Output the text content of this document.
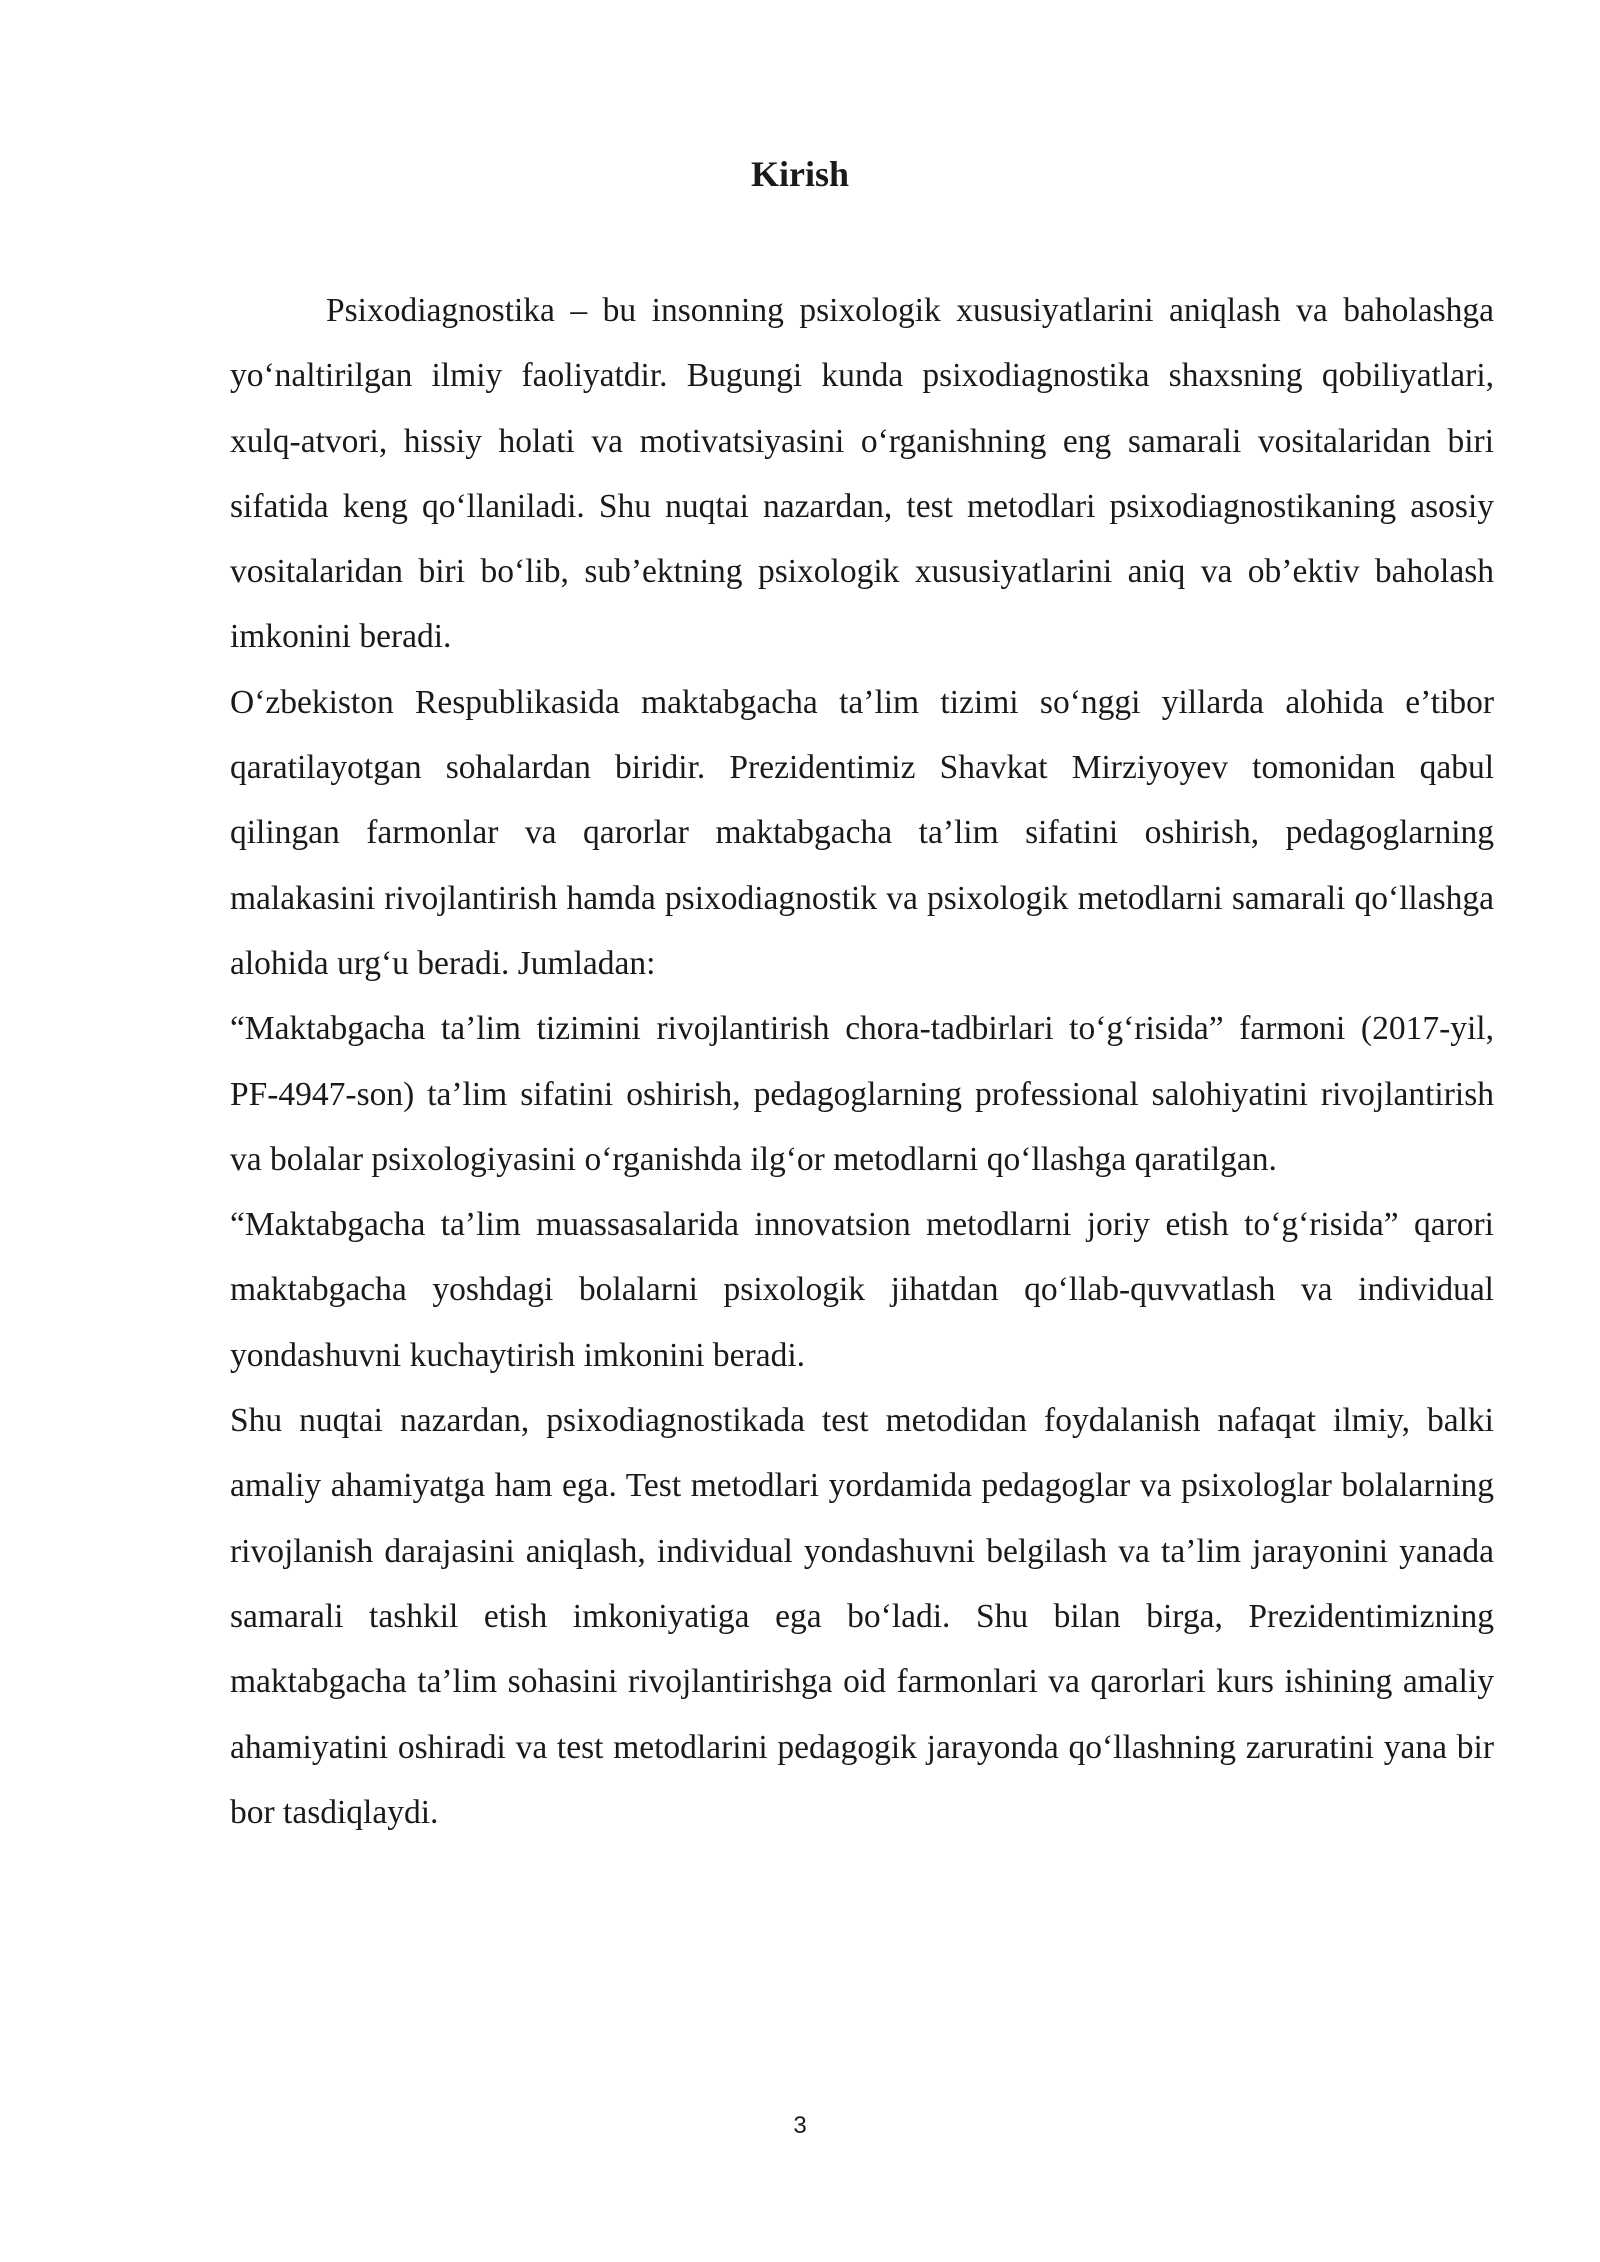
Kirish

Psixodiagnostika – bu insonning psixologik xususiyatlarini aniqlash va baholashga yo‘naltirilgan ilmiy faoliyatdir. Bugungi kunda psixodiagnostika shaxsning qobiliyatlari, xulq-atvori, hissiy holati va motivatsiyasini o‘rganishning eng samarali vositalaridan biri sifatida keng qo‘llaniladi. Shu nuqtai nazardan, test metodlari psixodiagnostikaning asosiy vositalaridan biri bo‘lib, sub’ektning psixologik xususiyatlarini aniq va ob’ektiv baholash imkonini beradi.

O‘zbekiston Respublikasida maktabgacha ta’lim tizimi so‘nggi yillarda alohida e’tibor qaratilayotgan sohalardan biridir. Prezidentimiz Shavkat Mirziyoyev tomonidan qabul qilingan farmonlar va qarorlar maktabgacha ta’lim sifatini oshirish, pedagoglarning malakasini rivojlantirish hamda psixodiagnostik va psixologik metodlarni samarali qo‘llashga alohida urg‘u beradi. Jumladan:

“Maktabgacha ta’lim tizimini rivojlantirish chora-tadbirlari to‘g‘risida” farmoni (2017-yil, PF-4947-son) ta’lim sifatini oshirish, pedagoglarning professional salohiyatini rivojlantirish va bolalar psixologiyasini o‘rganishda ilg‘or metodlarni qo‘llashga qaratilgan.

“Maktabgacha ta’lim muassasalarida innovatsion metodlarni joriy etish to‘g‘risida” qarori maktabgacha yoshdagi bolalarni psixologik jihatdan qo‘llab-quvvatlash va individual yondashuvni kuchaytirish imkonini beradi.

Shu nuqtai nazardan, psixodiagnostikada test metodidan foydalanish nafaqat ilmiy, balki amaliy ahamiyatga ham ega. Test metodlari yordamida pedagoglar va psixologlar bolalarning rivojlanish darajasini aniqlash, individual yondashuvni belgilash va ta’lim jarayonini yanada samarali tashkil etish imkoniyatiga ega bo‘ladi. Shu bilan birga, Prezidentimizning maktabgacha ta’lim sohasini rivojlantirishga oid farmonlari va qarorlari kurs ishining amaliy ahamiyatini oshiradi va test metodlarini pedagogik jarayonda qo‘llashning zaruratini yana bir bor tasdiqlaydi.

3
